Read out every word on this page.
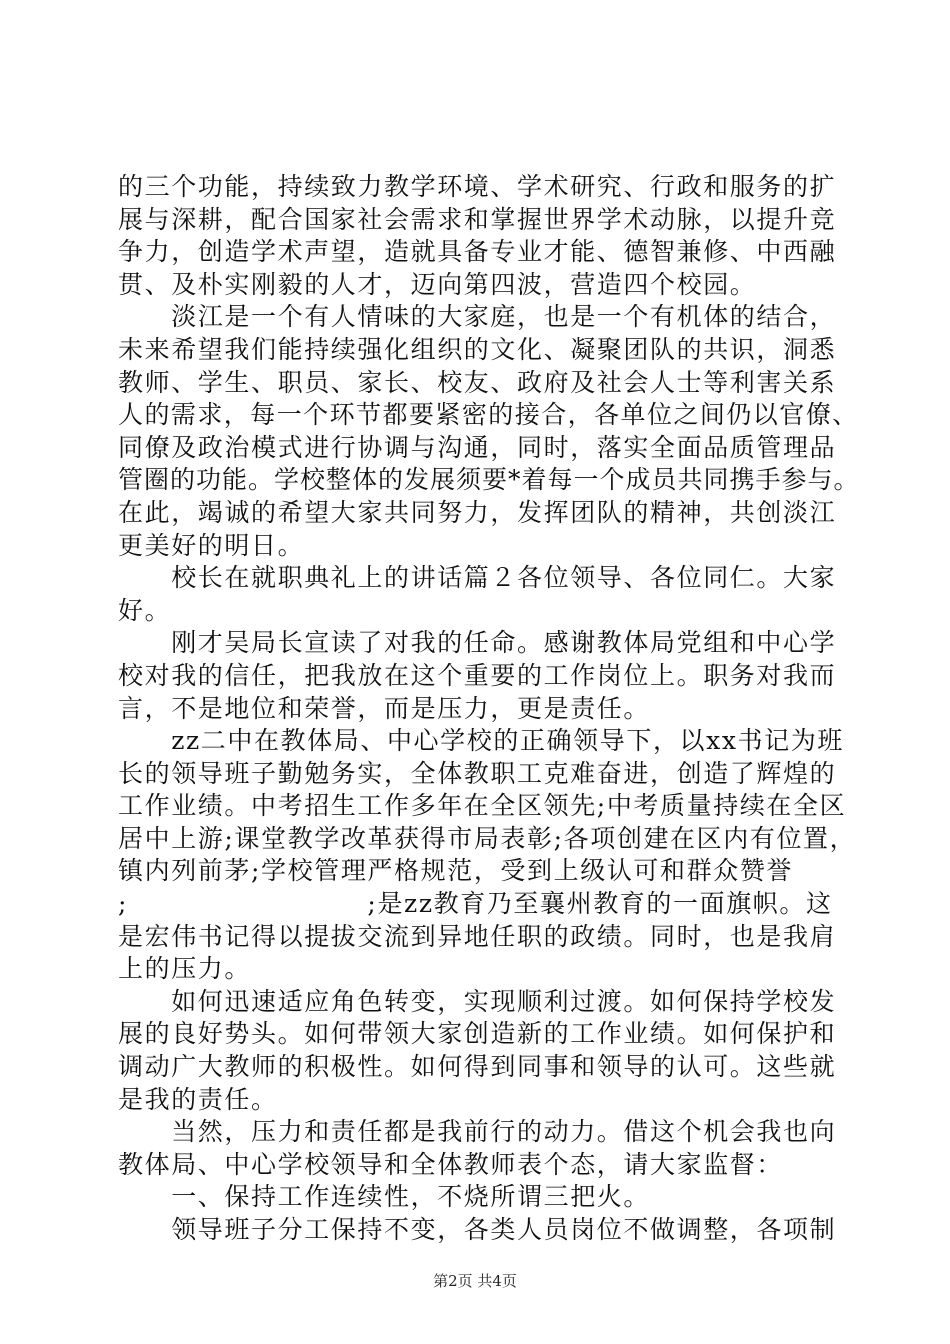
的三个功能，持续致力教学环境、学术研究、行政和服务的扩
展与深耕，配合国家社会需求和掌握世界学术动脉，以提升竞
争力，创造学术声望，造就具备专业才能、德智兼修、中西融
贯、及朴实刚毅的人才，迈向第四波，营造四个校园。
　　淡江是一个有人情味的大家庭，也是一个有机体的结合，
未来希望我们能持续强化组织的文化、凝聚团队的共识，洞悉
教师、学生、职员、家长、校友、政府及社会人士等利害关系
人的需求，每一个环节都要紧密的接合，各单位之间仍以官僚、
同僚及政治模式进行协调与沟通，同时，落实全面品质管理品
管圈的功能。学校整体的发展须要*着每一个成员共同携手参与。
在此，竭诚的希望大家共同努力，发挥团队的精神，共创淡江
更美好的明日。
　　校长在就职典礼上的讲话篇２各位领导、各位同仁。大家
好。
　　刚才吴局长宣读了对我的任命。感谢教体局党组和中心学
校对我的信任，把我放在这个重要的工作岗位上。职务对我而
言，不是地位和荣誉，而是压力，更是责任。
　　zz二中在教体局、中心学校的正确领导下，以xx书记为班
长的领导班子勤勉务实，全体教职工克难奋进，创造了辉煌的
工作业绩。中考招生工作多年在全区领先;中考质量持续在全区
居中上游;课堂教学改革获得市局表彰;各项创建在区内有位置，
镇内列前茅;学校管理严格规范，受到上级认可和群众赞誉
;　　　　　　　　　;是zz教育乃至襄州教育的一面旗帜。这
是宏伟书记得以提拔交流到异地任职的政绩。同时，也是我肩
上的压力。
　　如何迅速适应角色转变，实现顺利过渡。如何保持学校发
展的良好势头。如何带领大家创造新的工作业绩。如何保护和
调动广大教师的积极性。如何得到同事和领导的认可。这些就
是我的责任。
　　当然，压力和责任都是我前行的动力。借这个机会我也向
教体局、中心学校领导和全体教师表个态，请大家监督：
　　一、保持工作连续性，不烧所谓三把火。
　　领导班子分工保持不变，各类人员岗位不做调整，各项制
第2页 共4页
